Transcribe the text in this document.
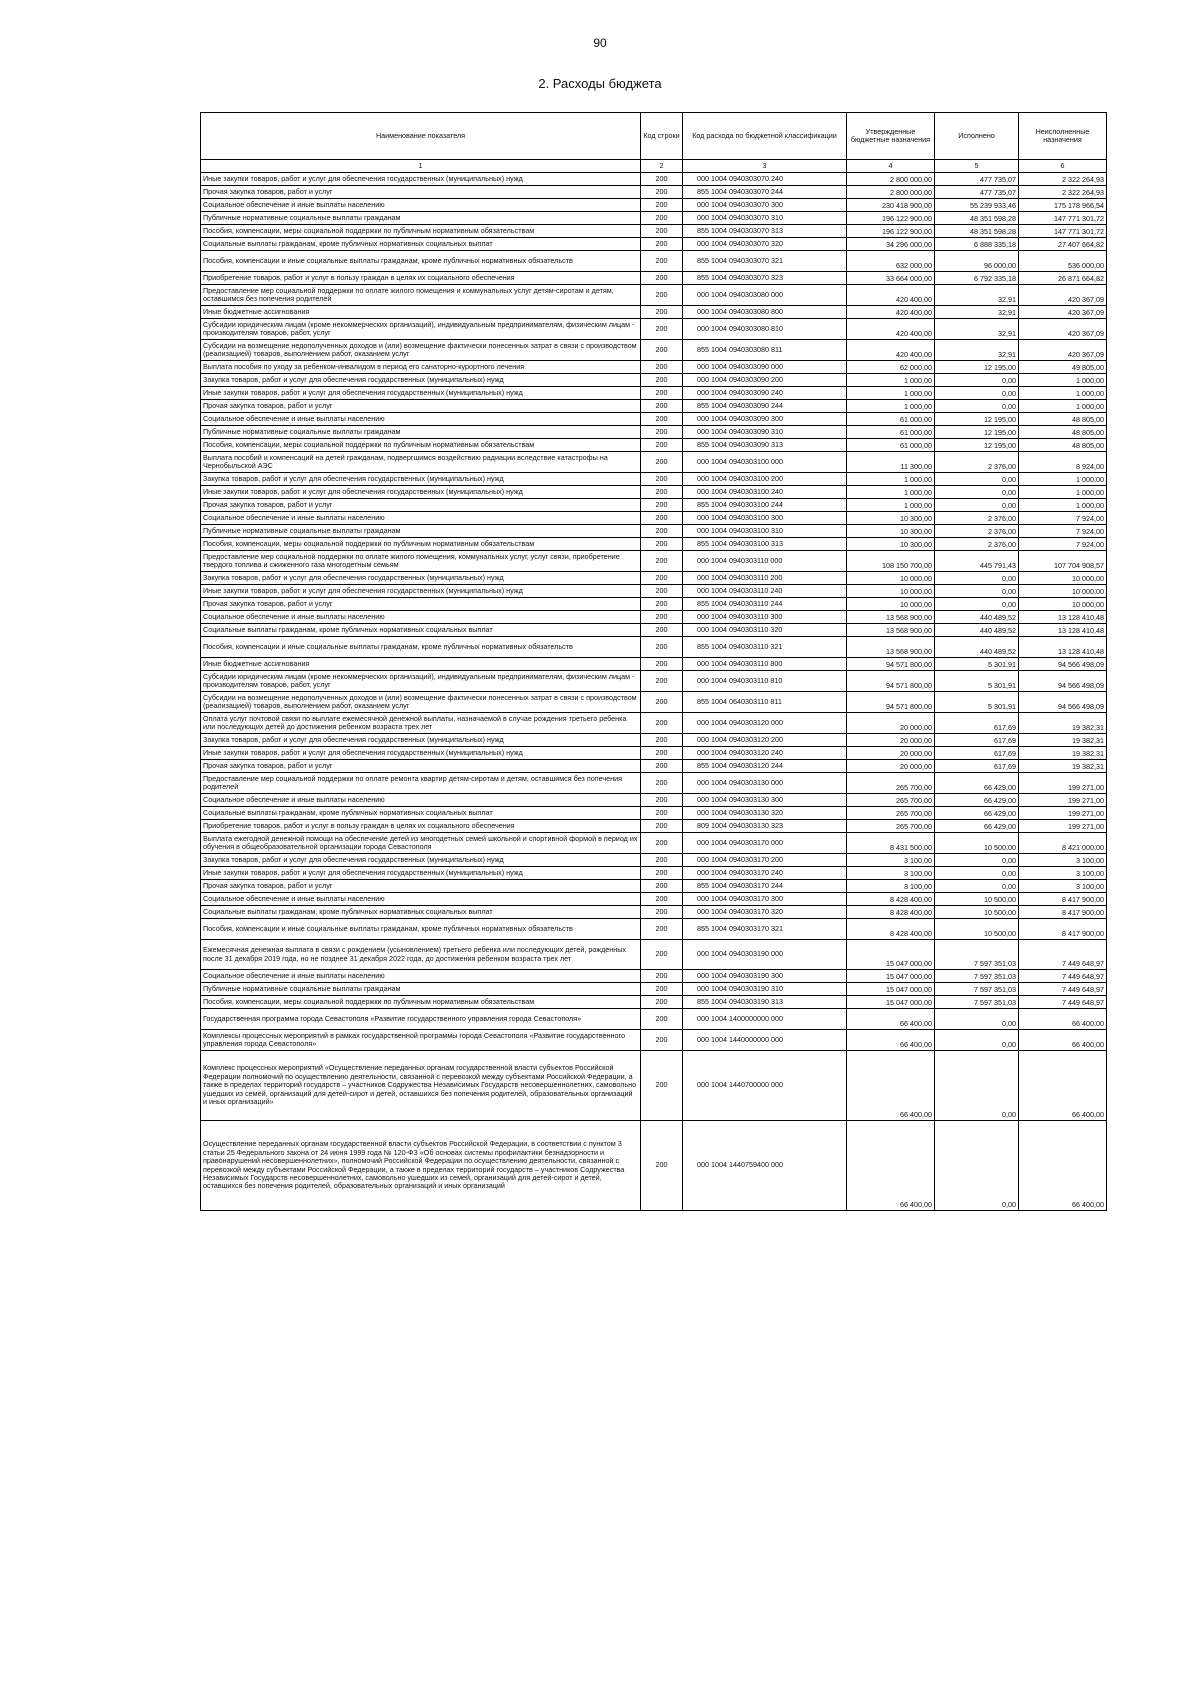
90
2. Расходы бюджета
Наименование показателя	Код строки	Код расхода по бюджетной классификации	Утвержденные бюджетные назначения	Исполнено	Неисполненные назначения
1	2	3	4	5	6
Иные закупки товаров, работ и услуг для обеспечения государственных (муниципальных) нужд	200	000 1004 0940303070 240	2 800 000,00	477 735,07	2 322 264,93
Прочая закупка товаров, работ и услуг	200	855 1004 0940303070 244	2 800 000,00	477 735,07	2 322 264,93
Социальное обеспечение и иные выплаты населению	200	000 1004 0940303070 300	230 418 900,00	55 239 933,46	175 178 966,54
Публичные нормативные социальные выплаты гражданам	200	000 1004 0940303070 310	196 122 900,00	48 351 598,28	147 771 301,72
Пособия, компенсации, меры социальной поддержки по публичным нормативным обязательствам	200	855 1004 0940303070 313	196 122 900,00	48 351 598,28	147 771 301,72
Социальные выплаты гражданам, кроме публичных нормативных социальных выплат	200	000 1004 0940303070 320	34 296 000,00	6 888 335,18	27 407 664,82
Пособия, компенсации и иные социальные выплаты гражданам, кроме публичных нормативных обязательств	200	855 1004 0940303070 321	632 000,00	96 000,00	536 000,00
Приобретение товаров, работ и услуг в пользу граждан в целях их социального обеспечения	200	855 1004 0940303070 323	33 664 000,00	6 792 335,18	26 871 664,82
Предоставление мер социальной поддержки по оплате жилого помещения и коммунальных услуг детям-сиротам и детям, оставшимся без попечения родителей	200	000 1004 0940303080 000	420 400,00	32,91	420 367,09
Иные бюджетные ассигнования	200	000 1004 0940303080 800	420 400,00	32,91	420 367,09
Субсидии юридическим лицам (кроме некоммерческих организаций), индивидуальным предпринимателям, физическим лицам - производителям товаров, работ, услуг	200	000 1004 0940303080 810	420 400,00	32,91	420 367,09
Субсидии на возмещение недополученных доходов и (или) возмещение фактически понесенных затрат в связи с производством (реализацией) товаров, выполнением работ, оказанием услуг	200	855 1004 0940303080 811	420 400,00	32,91	420 367,09
Выплата пособия по уходу за ребенком-инвалидом в период его санаторно-курортного лечения	200	000 1004 0940303090 000	62 000,00	12 195,00	49 805,00
Закупка товаров, работ и услуг для обеспечения государственных (муниципальных) нужд	200	000 1004 0940303090 200	1 000,00	0,00	1 000,00
Иные закупки товаров, работ и услуг для обеспечения государственных (муниципальных) нужд	200	000 1004 0940303090 240	1 000,00	0,00	1 000,00
Прочая закупка товаров, работ и услуг	200	855 1004 0940303090 244	1 000,00	0,00	1 000,00
Социальное обеспечение и иные выплаты населению	200	000 1004 0940303090 300	61 000,00	12 195,00	48 805,00
Публичные нормативные социальные выплаты гражданам	200	000 1004 0940303090 310	61 000,00	12 195,00	48 805,00
Пособия, компенсации, меры социальной поддержки по публичным нормативным обязательствам	200	855 1004 0940303090 313	61 000,00	12 195,00	48 805,00
Выплата пособий и компенсаций на детей гражданам, подвергшимся воздействию радиации вследствие катастрофы на Чернобыльской АЭС	200	000 1004 0940303100 000	11 300,00	2 376,00	8 924,00
Закупка товаров, работ и услуг для обеспечения государственных (муниципальных) нужд	200	000 1004 0940303100 200	1 000,00	0,00	1 000,00
Иные закупки товаров, работ и услуг для обеспечения государственных (муниципальных) нужд	200	000 1004 0940303100 240	1 000,00	0,00	1 000,00
Прочая закупка товаров, работ и услуг	200	855 1004 0940303100 244	1 000,00	0,00	1 000,00
Социальное обеспечение и иные выплаты населению	200	000 1004 0940303100 300	10 300,00	2 376,00	7 924,00
Публичные нормативные социальные выплаты гражданам	200	000 1004 0940303100 310	10 300,00	2 376,00	7 924,00
Пособия, компенсации, меры социальной поддержки по публичным нормативным обязательствам	200	855 1004 0940303100 313	10 300,00	2 376,00	7 924,00
Предоставление мер социальной поддержки по оплате жилого помещения, коммунальных услуг, услуг связи, приобретение твердого топлива и сжиженного газа многодетным семьям	200	000 1004 0940303110 000	108 150 700,00	445 791,43	107 704 908,57
Закупка товаров, работ и услуг для обеспечения государственных (муниципальных) нужд	200	000 1004 0940303110 200	10 000,00	0,00	10 000,00
Иные закупки товаров, работ и услуг для обеспечения государственных (муниципальных) нужд	200	000 1004 0940303110 240	10 000,00	0,00	10 000,00
Прочая закупка товаров, работ и услуг	200	855 1004 0940303110 244	10 000,00	0,00	10 000,00
Социальное обеспечение и иные выплаты населению	200	000 1004 0940303110 300	13 568 900,00	440 489,52	13 128 410,48
Социальные выплаты гражданам, кроме публичных нормативных социальных выплат	200	000 1004 0940303110 320	13 568 900,00	440 489,52	13 128 410,48
Пособия, компенсации и иные социальные выплаты гражданам, кроме публичных нормативных обязательств	200	855 1004 0940303110 321	13 568 900,00	440 489,52	13 128 410,48
Иные бюджетные ассигнования	200	000 1004 0940303110 800	94 571 800,00	5 301,91	94 566 498,09
Субсидии юридическим лицам (кроме некоммерческих организаций), индивидуальным предпринимателям, физическим лицам - производителям товаров, работ, услуг	200	000 1004 0940303110 810	94 571 800,00	5 301,91	94 566 498,09
Субсидии на возмещение недополученных доходов и (или) возмещение фактически понесенных затрат в связи с производством (реализацией) товаров, выполнением работ, оказанием услуг	200	855 1004 0640303110 811	94 571 800,00	5 301,91	94 566 498,09
Оплата услуг почтовой связи по выплате ежемесячной денежной выплаты, назначаемой в случае рождения третьего ребенка или последующих детей до достижения ребенком возраста трех лет	200	000 1004 0940303120 000	20 000,00	617,69	19 382,31
Закупка товаров, работ и услуг для обеспечения государственных (муниципальных) нужд	200	000 1004 0940303120 200	20 000,00	617,69	19 382,31
Иные закупки товаров, работ и услуг для обеспечения государственных (муниципальных) нужд	200	000 1004 0940303120 240	20 000,00	617,69	19 382,31
Прочая закупка товаров, работ и услуг	200	855 1004 0940303120 244	20 000,00	617,69	19 382,31
Предоставление мер социальной поддержки по оплате ремонта квартир детям-сиротам и детям, оставшимся без попечения родителей	200	000 1004 0940303130 000	265 700,00	66 429,00	199 271,00
Социальное обеспечение и иные выплаты населению	200	000 1004 0940303130 300	265 700,00	66 429,00	199 271,00
Социальные выплаты гражданам, кроме публичных нормативных социальных выплат	200	000 1004 0940303130 320	265 700,00	66 429,00	199 271,00
Приобретение товаров, работ и услуг в пользу граждан в целях их социального обеспечения	200	809 1004 0940303130 323	265 700,00	66 429,00	199 271,00
Выплата ежегодной денежной помощи на обеспечение детей из многодетных семей школьной и спортивной формой в период их обучения в общеобразовательной организации города Севастополя	200	000 1004 0940303170 000	8 431 500,00	10 500,00	8 421 000,00
Закупка товаров, работ и услуг для обеспечения государственных (муниципальных) нужд	200	000 1004 0940303170 200	3 100,00	0,00	3 100,00
Иные закупки товаров, работ и услуг для обеспечения государственных (муниципальных) нужд	200	000 1004 0940303170 240	3 100,00	0,00	3 100,00
Прочая закупка товаров, работ и услуг	200	855 1004 0940303170 244	3 100,00	0,00	3 100,00
Социальное обеспечение и иные выплаты населению	200	000 1004 0940303170 300	8 428 400,00	10 500,00	8 417 900,00
Социальные выплаты гражданам, кроме публичных нормативных социальных выплат	200	000 1004 0940303170 320	8 428 400,00	10 500,00	8 417 900,00
Пособия, компенсации и иные социальные выплаты гражданам, кроме публичных нормативных обязательств	200	855 1004 0940303170 321	8 428 400,00	10 500,00	8 417 900,00
Ежемесячная денежная выплата в связи с рождением (усыновлением) третьего ребенка или последующих детей, рожденных после 31 декабря 2019 года, но не позднее 31 декабря 2022 года, до достижения ребенком возраста трех лет	200	000 1004 0940303190 000	15 047 000,00	7 597 351,03	7 449 648,97
Социальное обеспечение и иные выплаты населению	200	000 1004 0940303190 300	15 047 000,00	7 597 351,03	7 449 648,97
Публичные нормативные социальные выплаты гражданам	200	000 1004 0940303190 310	15 047 000,00	7 597 351,03	7 449 648,97
Пособия, компенсации, меры социальной поддержки по публичным нормативным обязательствам	200	855 1004 0940303190 313	15 047 000,00	7 597 351,03	7 449 648,97
Государственная программа города Севастополя «Развитие государственного управления города Севастополя»	200	000 1004 1400000000 000	66 400,00	0,00	66 400,00
Комплексы процессных мероприятий в рамках государственной программы города Севастополя «Развитие государственного управления города Севастополя»	200	000 1004 1440000000 000	66 400,00	0,00	66 400,00
Комплекс процессных мероприятий «Осуществление переданных органам государственной власти субъектов Российской Федерации полномочий по осуществлению деятельности, связанной с перевозкой между субъектами Российской Федерации, а также в пределах территорий государств – участников Содружества Независимых Государств несовершеннолетних, самовольно ушедших из семей, организаций для детей-сирот и детей, оставшихся без попечения родителей, образовательных организаций и иных организаций»	200	000 1004 1440700000 000	66 400,00	0,00	66 400,00
Осуществление переданных органам государственной власти субъектов Российской Федерации, в соответствии с пунктом 3 статьи 25 Федерального закона от 24 июня 1999 года № 120-ФЗ «Об основах системы профилактики безнадзорности и правонарушений несовершеннолетних», полномочий Российской Федерации по осуществлению деятельности, связанной с перевозкой между субъектами Российской Федерации, а также в пределах территорий государств – участников Содружества Независимых Государств несовершеннолетних, самовольно ушедших из семей, организаций для детей-сирот и детей, оставшихся без попечения родителей, образовательных организаций и иных организаций	200	000 1004 1440759400 000	66 400,00	0,00	66 400,00
